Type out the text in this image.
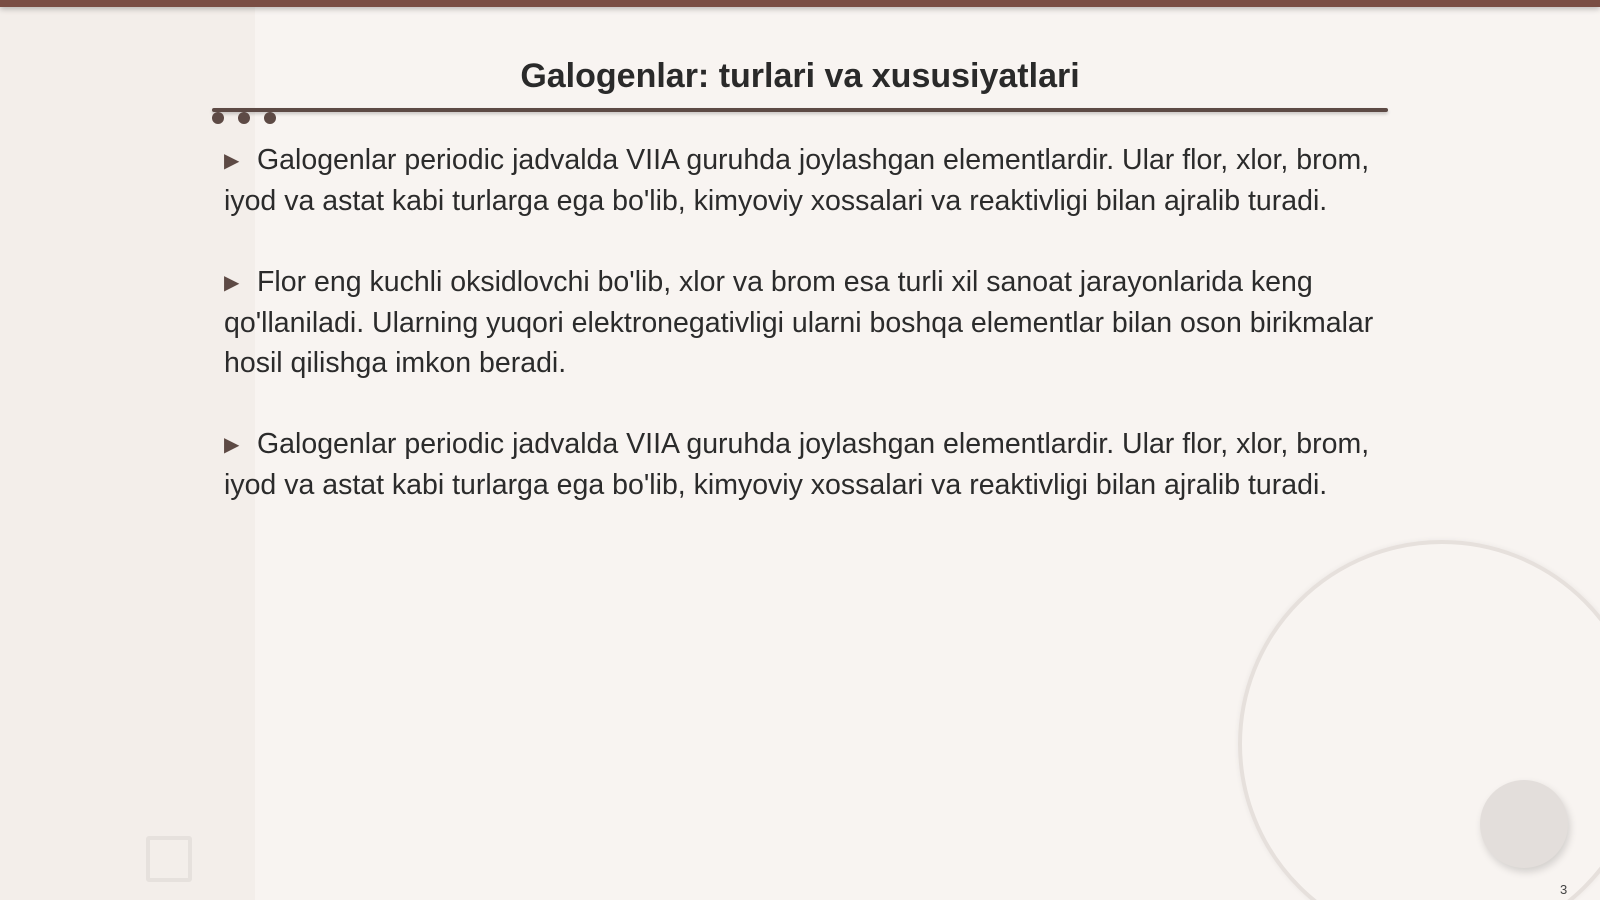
Galogenlar: turlari va xususiyatlari

▶ Galogenlar periodic jadvalda VIIA guruhda joylashgan elementlardir. Ular flor, xlor, brom, iyod va astat kabi turlarga ega bo'lib, kimyoviy xossalari va reaktivligi bilan ajralib turadi.

▶ Flor eng kuchli oksidlovchi bo'lib, xlor va brom esa turli xil sanoat jarayonlarida keng qo'llaniladi. Ularning yuqori elektronegativligi ularni boshqa elementlar bilan oson birikmalar hosil qilishga imkon beradi.

▶ Galogenlar periodic jadvalda VIIA guruhda joylashgan elementlardir. Ular flor, xlor, brom, iyod va astat kabi turlarga ega bo'lib, kimyoviy xossalari va reaktivligi bilan ajralib turadi.

3
